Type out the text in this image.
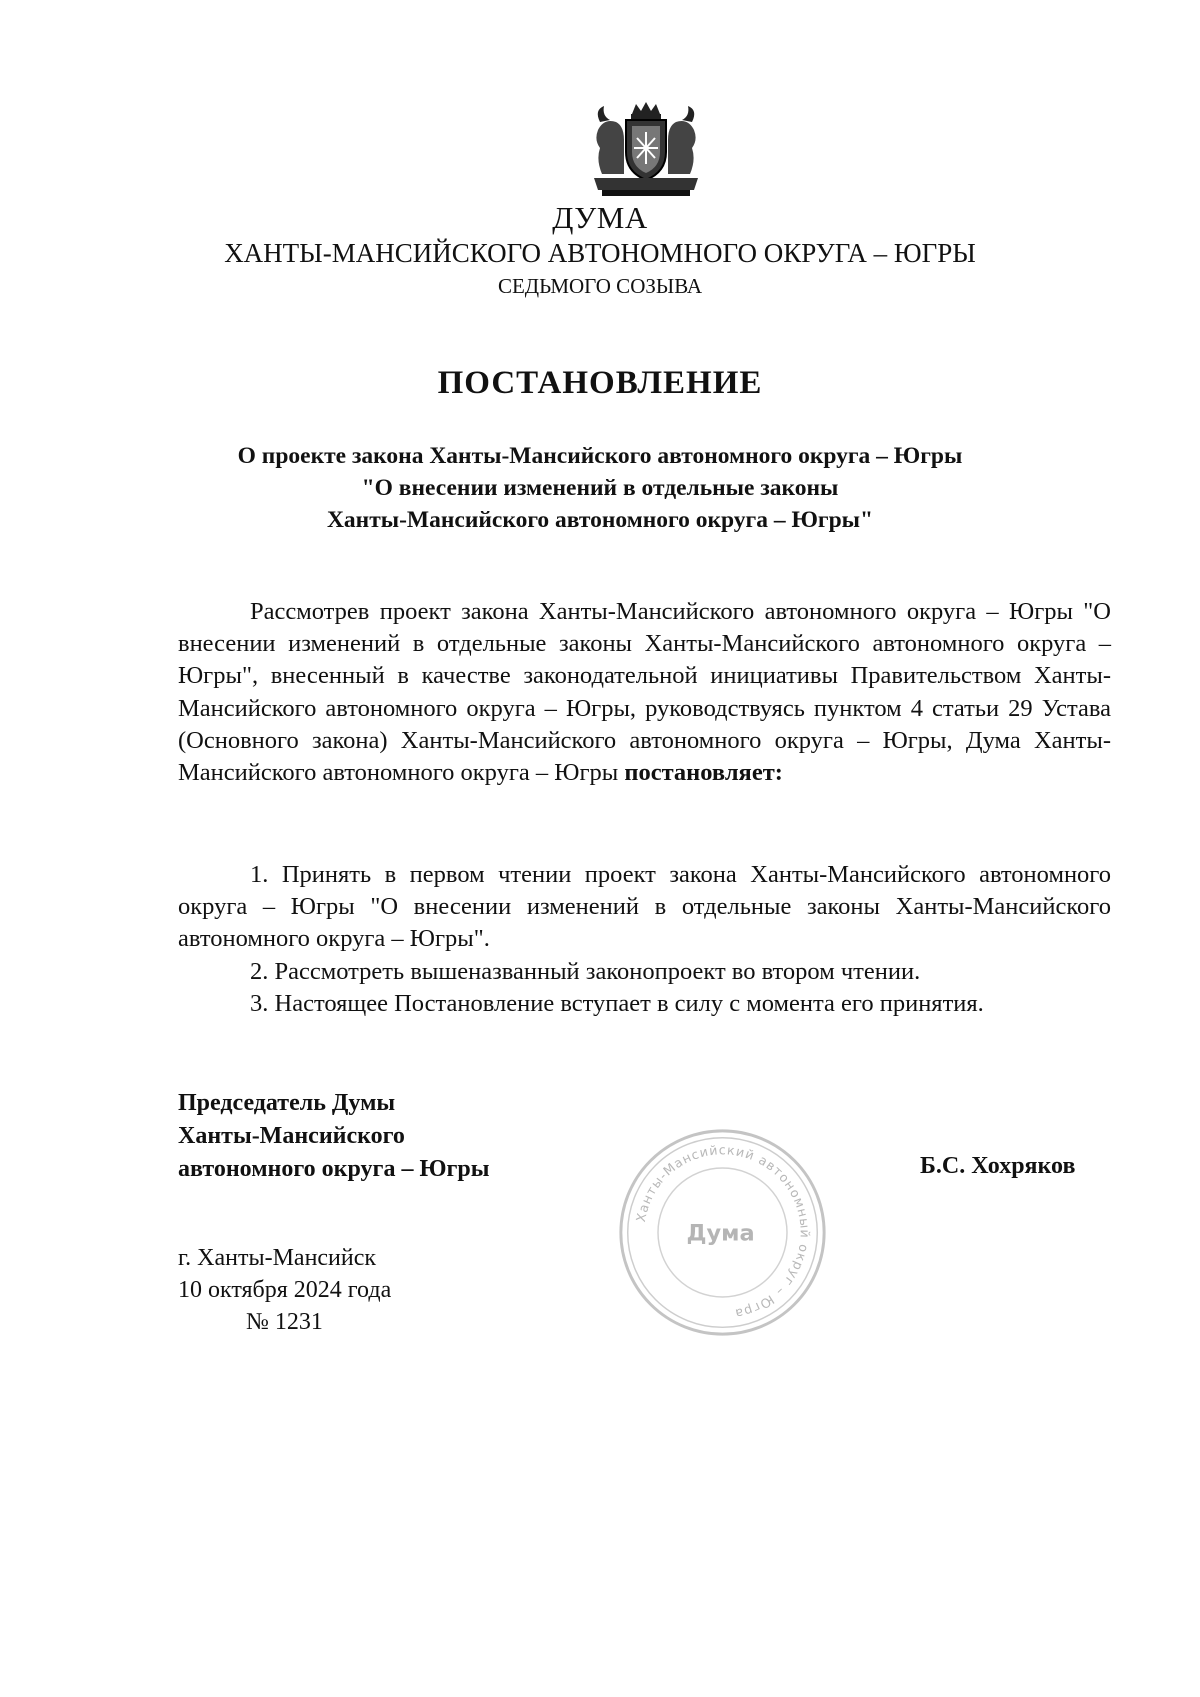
ДУМА
ХАНТЫ-МАНСИЙСКОГО АВТОНОМНОГО ОКРУГА – ЮГРЫ
СЕДЬМОГО СОЗЫВА
ПОСТАНОВЛЕНИЕ
О проекте закона Ханты-Мансийского автономного округа – Югры
"О внесении изменений в отдельные законы
Ханты-Мансийского автономного округа – Югры"

Рассмотрев проект закона Ханты-Мансийского автономного округа – Югры "О внесении изменений в отдельные законы Ханты-Мансийского автономного округа – Югры", внесенный в качестве законодательной инициативы Правительством Ханты-Мансийского автономного округа – Югры, руководствуясь пунктом 4 статьи 29 Устава (Основного закона) Ханты-Мансийского автономного округа – Югры, Дума Ханты-Мансийского автономного округа – Югры постановляет:

1. Принять в первом чтении проект закона Ханты-Мансийского автономного округа – Югры "О внесении изменений в отдельные законы Ханты-Мансийского автономного округа – Югры".

2. Рассмотреть вышеназванный законопроект во втором чтении.

3. Настоящее Постановление вступает в силу с момента его принятия.

Председатель Думы
Ханты-Мансийского
автономного округа – Югры
Ханты-Мансийский автономный округ – Югра
Дума
Б.С. Хохряков
г. Ханты-Мансийск
10 октября 2024 года
№ 1231
